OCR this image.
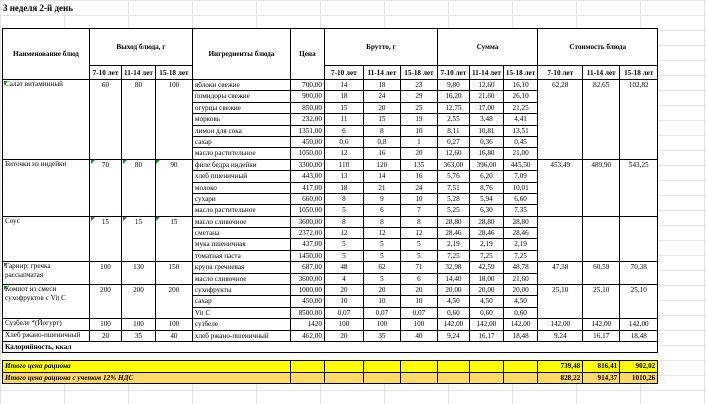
3 неделя 2-й день
Наименование блюд	Выход блюда, г			Ингредиенты блюда	Цена	Брутто, г			Сумма			Стоимость блюда		
	7-10 лет	11-14 лет	15-18 лет			7-10 лет	11-14 лет	15-18 лет	7-10 лет	11-14 лет	15-18 лет	7-10 лет	11-14 лет	15-18 лет
Салат витаминный	60	80	100	яблоки свежие	700,00	14	18	23	9,80	12,60	16,10	62,28	82,65	102,82
				помидоры свежие	900,00	18	24	29	16,20	21,60	26,10			
				огурцы свежие	850,00	15	20	25	12,75	17,00	21,25			
				морковь	232,00	11	15	19	2,55	3,48	4,41			
				лимон для сока	1351,00	6	8	10	8,11	10,81	13,51			
				сахар	450,00	0,6	0,8	1	0,27	0,36	0,45			
				масло растительное	1050,00	12	16	20	12,60	16,80	21,00			
Биточки из индейки	70	80	90	филе бедра индейки	3300,00	110	120	135	363,00	396,00	445,50	453,49	489,90	543,25
				хлеб пшеничный	443,00	13	14	16	5,76	6,20	7,09			
				молоко	417,00	18	21	24	7,51	8,76	10,01			
				сухари	660,00	8	9	10	5,28	5,94	6,60			
				масло растительное	1050,00	5	6	7	5,25	6,30	7,35			
Соус	15	15	15	масло сливочное	3600,00	8	8	8	28,80	28,80	28,80			
				сметана	2372,00	12	12	12	28,46	28,46	28,46			
				мука пшеничная	437,00	5	5	5	2,19	2,19	2,19			
				томатная паста	1450,00	5	5	5	7,25	7,25	7,25			
Гарнир: гречка рассыпчатая	100	130	150	крупа гречневая	687,00	48	62	71	32,98	42,59	48,78	47,38	60,59	70,38
				масло сливочное	3600,00	4	5	6	14,40	18,00	21,60			
Компот из смеси сухофруктов с Vit C	200	200	200	сухофрукты	1000,00	20	20	20	20,00	20,00	20,00	25,10	25,10	25,10
				сахар	450,00	10	10	10	4,50	4,50	4,50			
				Vit C	8500,00	0,07	0,07	0,07	0,60	0,60	0,60			
Сузбеле *(Йогурт)	100	100	100	сузбеле	1420	100	100	100	142,00	142,00	142,00	142,00	142,00	142,00
Хлеб ржано-пшеничный	20	35	40	хлеб ржано-пшеничный	462,00	20	35	40	9,24	16,17	18,48	9,24	16,17	18,48
Калорийность, ккал														

Итого цена рациона												739,48	816,41	902,02
Итого цена рациона с учетом 12% НДС												828,22	914,37	1010,26
